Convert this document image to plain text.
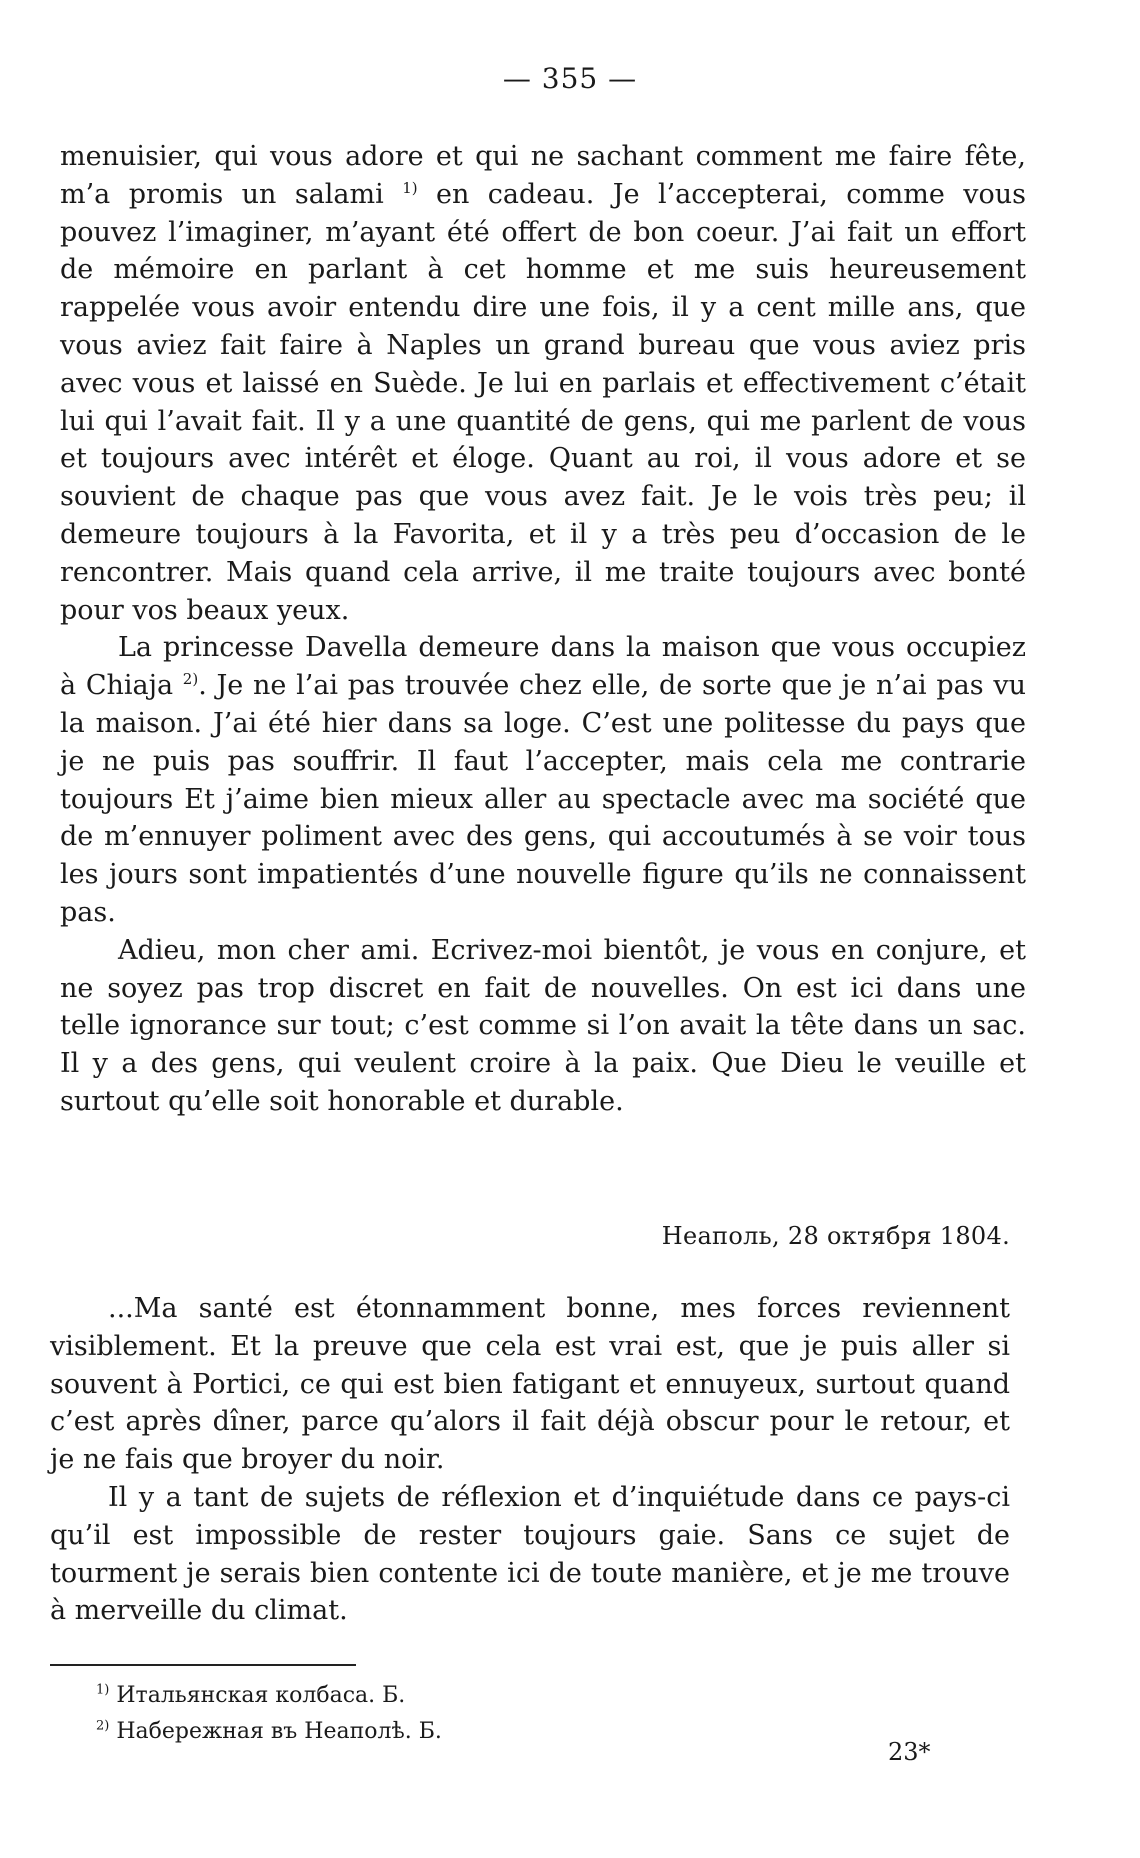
— 355 —

menuisier, qui vous adore et qui ne sachant comment me faire fête, m’a promis un salami $^{1)}$ en cadeau. Je l’accepterai, comme vous pouvez l’imaginer, m’ayant été offert de bon coeur. J’ai fait un effort de mémoire en parlant à cet homme et me suis heureusement rappelée vous avoir entendu dire une fois, il y a cent mille ans, que vous aviez fait faire à Naples un grand bureau que vous aviez pris avec vous et laissé en Suède. Je lui en parlais et effectivement c’était lui qui l’avait fait. Il y a une quantité de gens, qui me parlent de vous et toujours avec intérêt et éloge. Quant au roi, il vous adore et se souvient de chaque pas que vous avez fait. Je le vois très peu; il demeure toujours à la Favorita, et il y a très peu d’occasion de le rencontrer. Mais quand cela arrive, il me traite toujours avec bonté pour vos beaux yeux.

La princesse Davella demeure dans la maison que vous occupiez à Chiaja $^{2)}$. Je ne l’ai pas trouvée chez elle, de sorte que je n’ai pas vu la maison. J’ai été hier dans sa loge. C’est une politesse du pays que je ne puis pas souffrir. Il faut l’accepter, mais cela me contrarie toujours Et j’aime bien mieux aller au spectacle avec ma société que de m’ennuyer poliment avec des gens, qui accoutumés à se voir tous les jours sont impatientés d’une nouvelle figure qu’ils ne connaissent pas.

Adieu, mon cher ami. Ecrivez-moi bientôt, je vous en conjure, et ne soyez pas trop discret en fait de nouvelles. On est ici dans une telle ignorance sur tout; c’est comme si l’on avait la tête dans un sac. Il y a des gens, qui veulent croire à la paix. Que Dieu le veuille et surtout qu’elle soit honorable et durable.

Неаполь, 28 октября 1804.

...Ma santé est étonnamment bonne, mes forces reviennent visiblement. Et la preuve que cela est vrai est, que je puis aller si souvent à Portici, ce qui est bien fatigant et ennuyeux, surtout quand c’est après dîner, parce qu’alors il fait déjà obscur pour le retour, et je ne fais que broyer du noir.

Il y a tant de sujets de réflexion et d’inquiétude dans ce pays-ci qu’il est impossible de rester toujours gaie. Sans ce sujet de tourment je serais bien contente ici de toute manière, et je me trouve à merveille du climat.

$^{1)}$ Итальянская колбаса. Б.
$^{2)}$ Набережная въ Неаполѣ. Б.
23*
